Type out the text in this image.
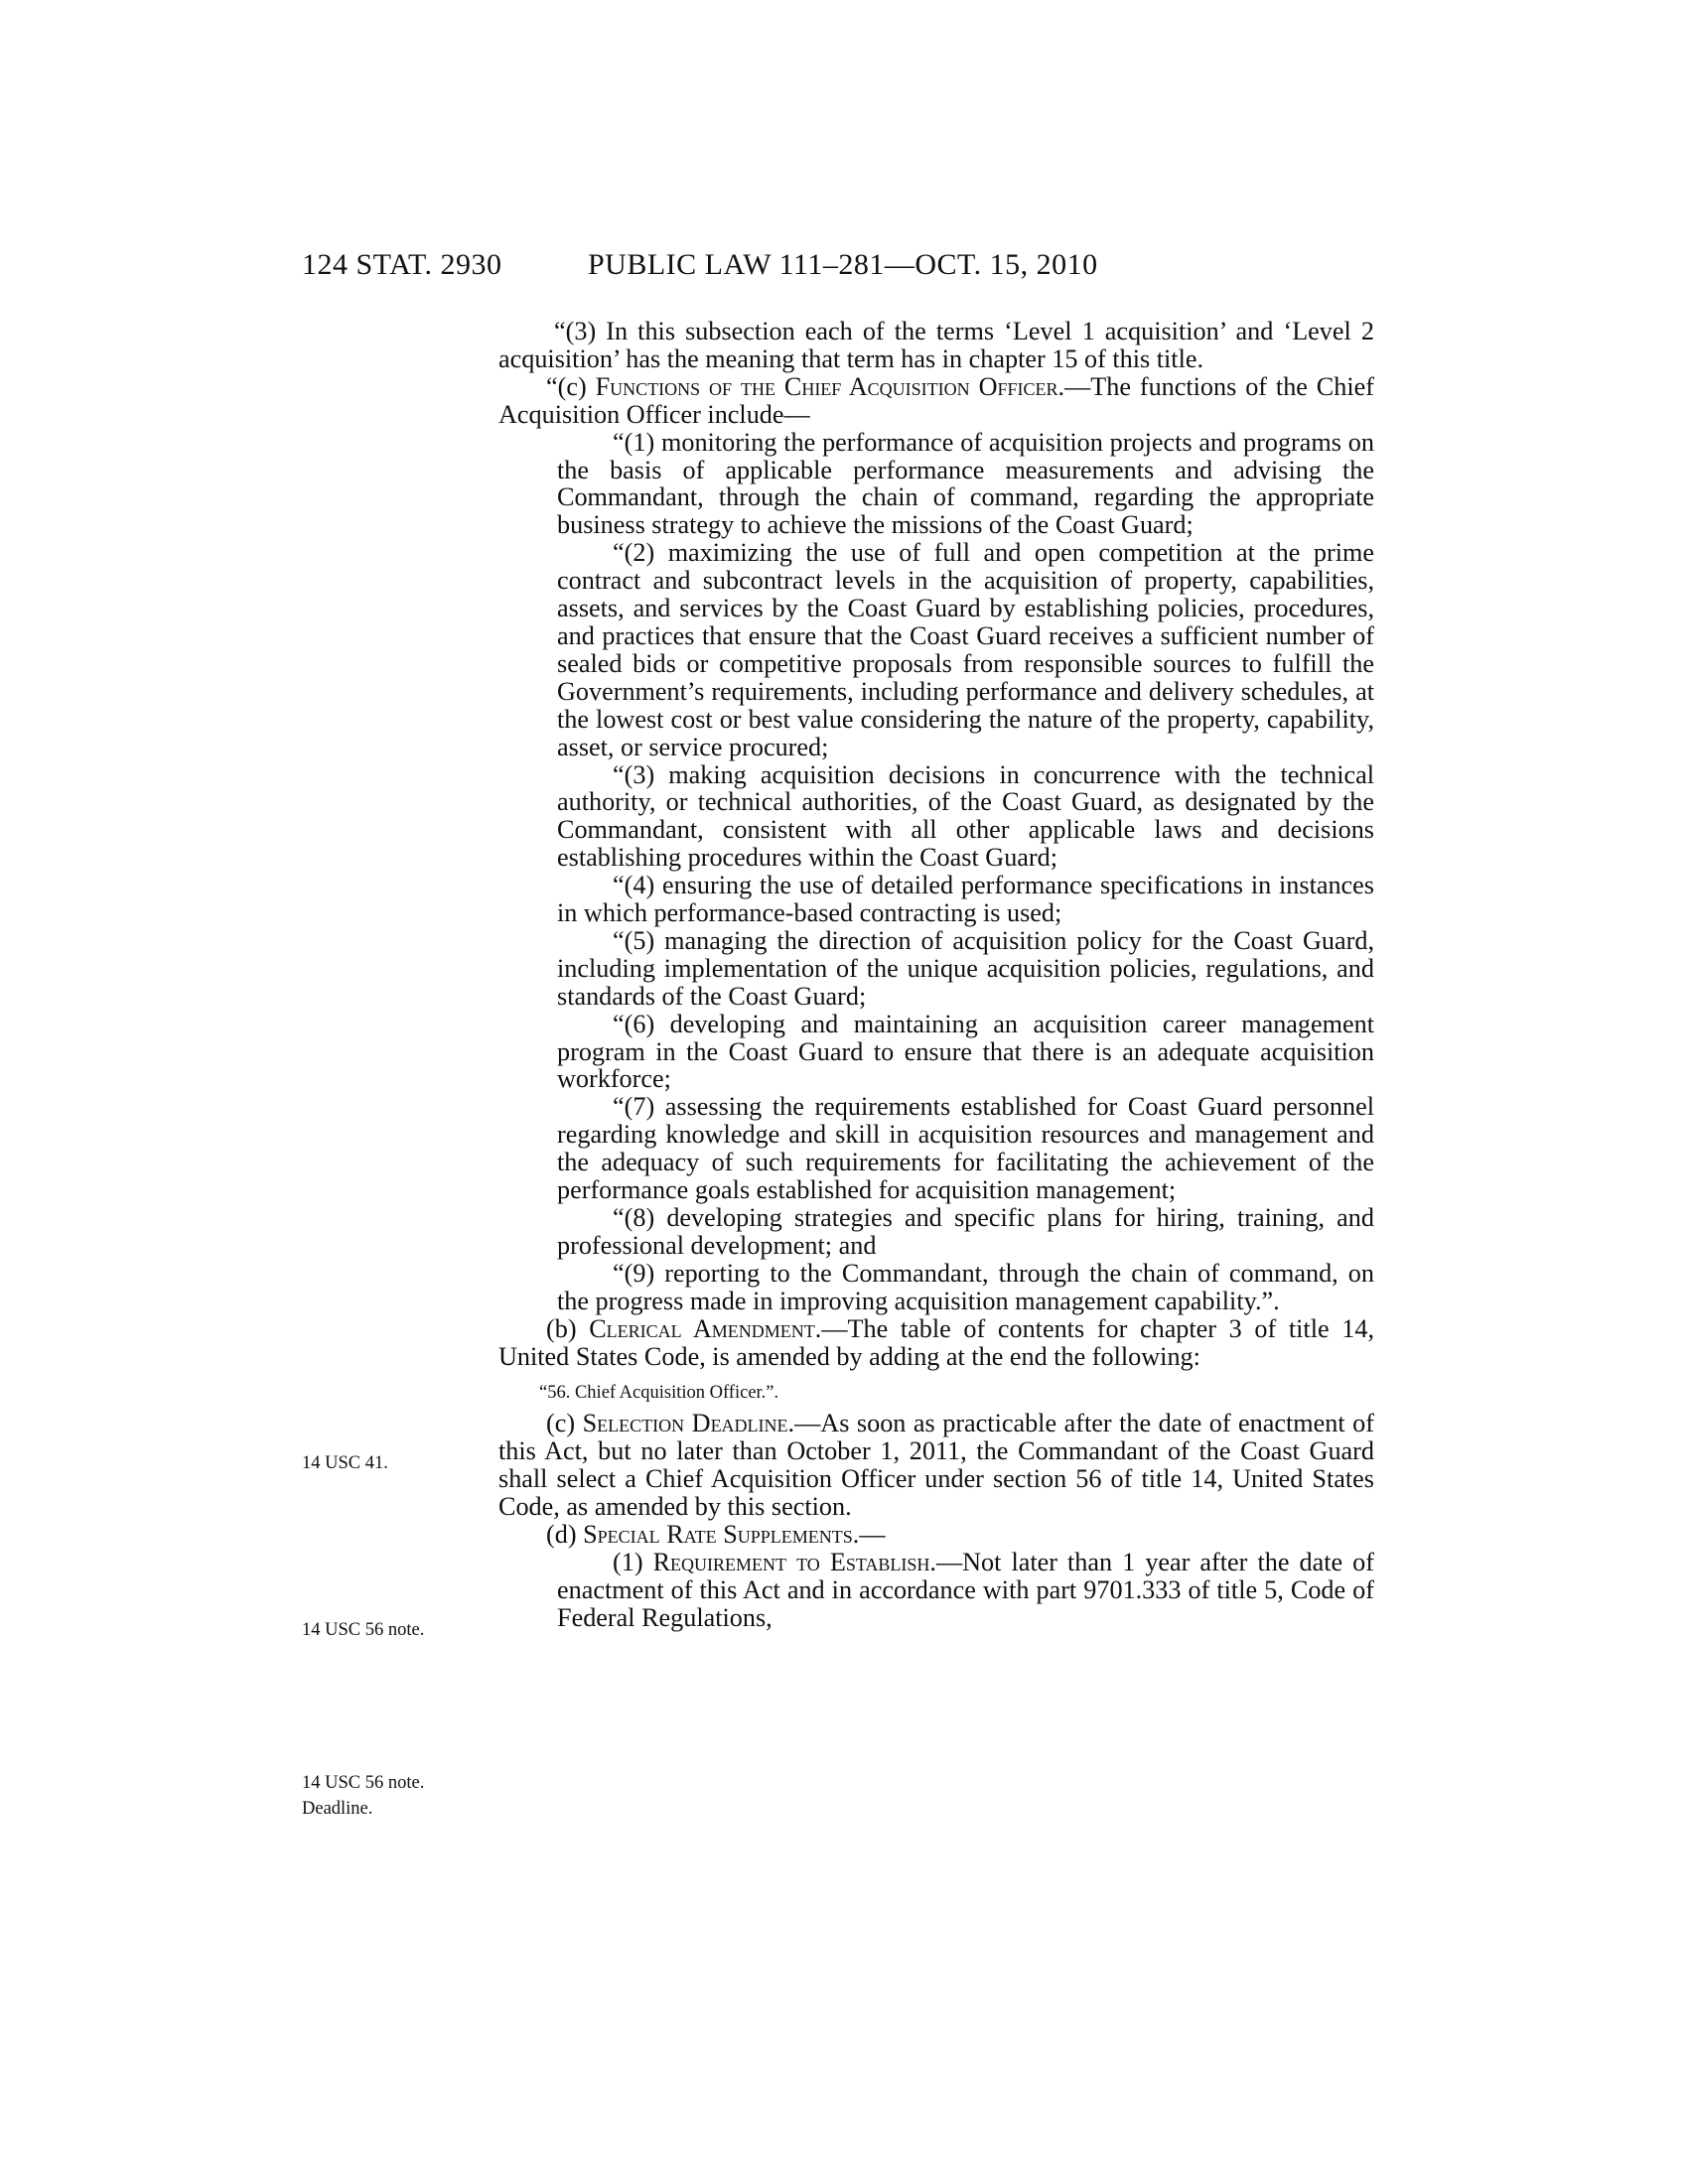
124 STAT. 2930	PUBLIC LAW 111–281—OCT. 15, 2010
14 USC 41.
14 USC 56 note.
14 USC 56 note.
Deadline.
“(3) In this subsection each of the terms ‘Level 1 acquisition’ and ‘Level 2 acquisition’ has the meaning that term has in chapter 15 of this title.
“(c) Functions of the Chief Acquisition Officer.—The functions of the Chief Acquisition Officer include—
“(1) monitoring the performance of acquisition projects and programs on the basis of applicable performance measurements and advising the Commandant, through the chain of command, regarding the appropriate business strategy to achieve the missions of the Coast Guard;
“(2) maximizing the use of full and open competition at the prime contract and subcontract levels in the acquisition of property, capabilities, assets, and services by the Coast Guard by establishing policies, procedures, and practices that ensure that the Coast Guard receives a sufficient number of sealed bids or competitive proposals from responsible sources to fulfill the Government’s requirements, including performance and delivery schedules, at the lowest cost or best value considering the nature of the property, capability, asset, or service procured;
“(3) making acquisition decisions in concurrence with the technical authority, or technical authorities, of the Coast Guard, as designated by the Commandant, consistent with all other applicable laws and decisions establishing procedures within the Coast Guard;
“(4) ensuring the use of detailed performance specifications in instances in which performance-based contracting is used;
“(5) managing the direction of acquisition policy for the Coast Guard, including implementation of the unique acquisition policies, regulations, and standards of the Coast Guard;
“(6) developing and maintaining an acquisition career management program in the Coast Guard to ensure that there is an adequate acquisition workforce;
“(7) assessing the requirements established for Coast Guard personnel regarding knowledge and skill in acquisition resources and management and the adequacy of such requirements for facilitating the achievement of the performance goals established for acquisition management;
“(8) developing strategies and specific plans for hiring, training, and professional development; and
“(9) reporting to the Commandant, through the chain of command, on the progress made in improving acquisition management capability.”.
(b) Clerical Amendment.—The table of contents for chapter 3 of title 14, United States Code, is amended by adding at the end the following:
“56. Chief Acquisition Officer.”.
(c) Selection Deadline.—As soon as practicable after the date of enactment of this Act, but no later than October 1, 2011, the Commandant of the Coast Guard shall select a Chief Acquisition Officer under section 56 of title 14, United States Code, as amended by this section.
(d) Special Rate Supplements.—
(1) Requirement to Establish.—Not later than 1 year after the date of enactment of this Act and in accordance with part 9701.333 of title 5, Code of Federal Regulations,
